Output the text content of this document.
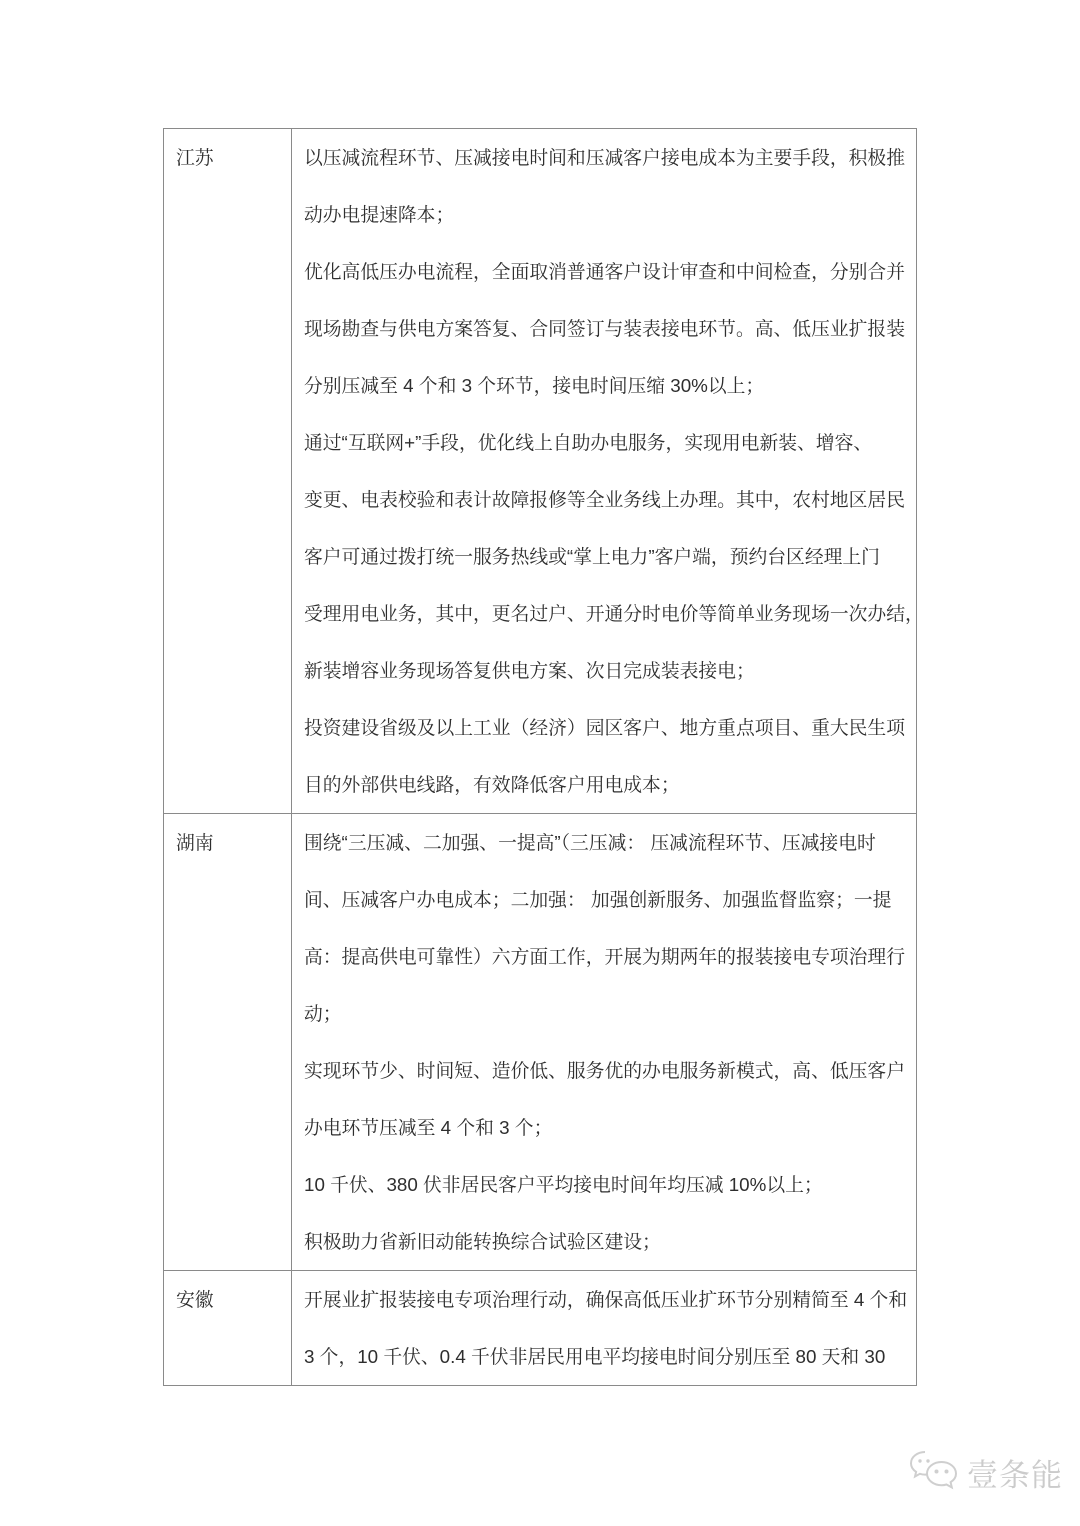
江苏	以压减流程环节、压减接电时间和压减客户接电成本为主要手段，积极推
动办电提速降本；
优化高低压办电流程，全面取消普通客户设计审查和中间检查，分别合并
现场勘查与供电方案答复、合同签订与装表接电环节。高、低压业扩报装
分别压减至 4 个和 3 个环节，接电时间压缩 30%以上；
通过“互联网+”手段，优化线上自助办电服务，实现用电新装、增容、
变更、电表校验和表计故障报修等全业务线上办理。其中，农村地区居民
客户可通过拨打统一服务热线或“掌上电力”客户端，预约台区经理上门
受理用电业务，其中，更名过户、开通分时电价等简单业务现场一次办结，
新装增容业务现场答复供电方案、次日完成装表接电；
投资建设省级及以上工业（经济）园区客户、地方重点项目、重大民生项
目的外部供电线路，有效降低客户用电成本；

湖南	围绕“三压减、二加强、一提高”（三压减： 压减流程环节、压减接电时
间、压减客户办电成本；二加强： 加强创新服务、加强监督监察；一提
高：提高供电可靠性）六方面工作，开展为期两年的报装接电专项治理行
动；
实现环节少、时间短、造价低、服务优的办电服务新模式，高、低压客户
办电环节压减至 4 个和 3 个；
10 千伏、380 伏非居民客户平均接电时间年均压减 10%以上；
积极助力省新旧动能转换综合试验区建设；

安徽	开展业扩报装接电专项治理行动，确保高低压业扩环节分别精简至 4 个和
3 个，10 千伏、0.4 千伏非居民用电平均接电时间分别压至 80 天和 30
壹条能
